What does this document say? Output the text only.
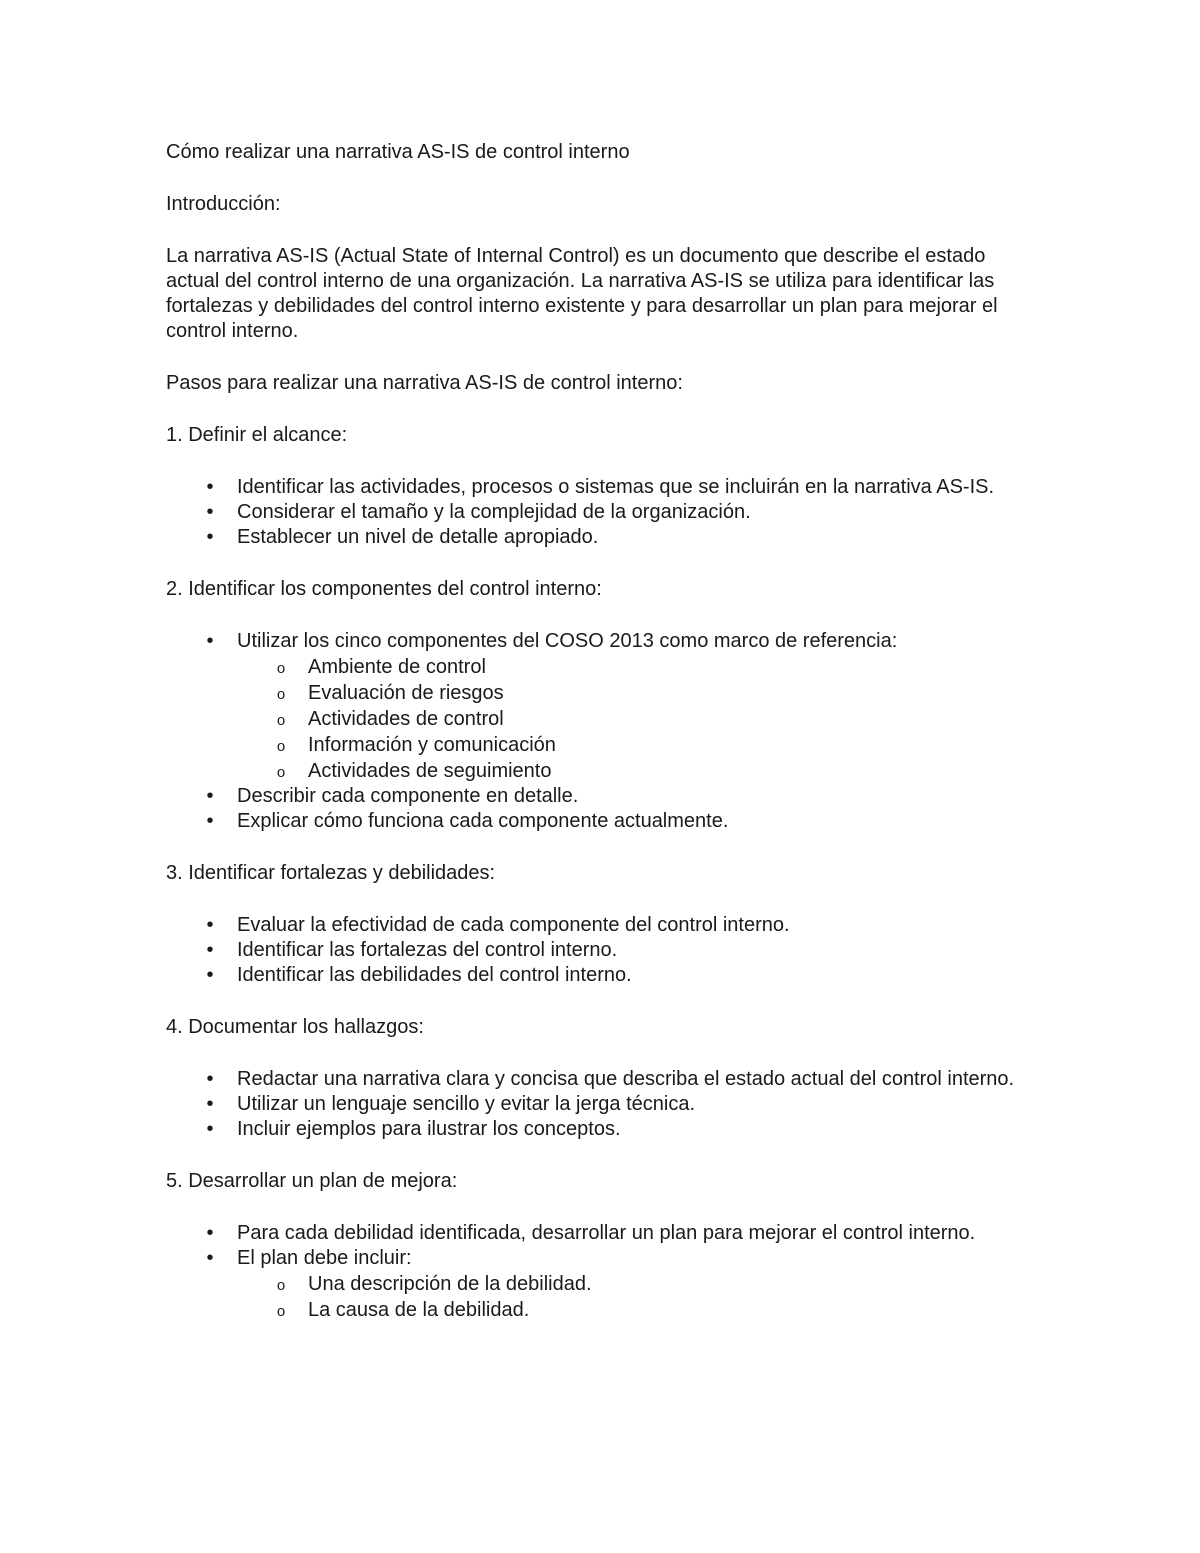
Cómo realizar una narrativa AS-IS de control interno
Introducción:
La narrativa AS-IS (Actual State of Internal Control) es un documento que describe el estado actual del control interno de una organización. La narrativa AS-IS se utiliza para identificar las fortalezas y debilidades del control interno existente y para desarrollar un plan para mejorar el control interno.
Pasos para realizar una narrativa AS-IS de control interno:
1. Definir el alcance:
•	Identificar las actividades, procesos o sistemas que se incluirán en la narrativa AS-IS.
•	Considerar el tamaño y la complejidad de la organización.
•	Establecer un nivel de detalle apropiado.
2. Identificar los componentes del control interno:
•	Utilizar los cinco componentes del COSO 2013 como marco de referencia:
o Ambiente de control
o Evaluación de riesgos
o Actividades de control
o Información y comunicación
o Actividades de seguimiento
•	Describir cada componente en detalle.
•	Explicar cómo funciona cada componente actualmente.
3. Identificar fortalezas y debilidades:
•	Evaluar la efectividad de cada componente del control interno.
•	Identificar las fortalezas del control interno.
•	Identificar las debilidades del control interno.
4. Documentar los hallazgos:
•	Redactar una narrativa clara y concisa que describa el estado actual del control interno.
•	Utilizar un lenguaje sencillo y evitar la jerga técnica.
•	Incluir ejemplos para ilustrar los conceptos.
5. Desarrollar un plan de mejora:
•	Para cada debilidad identificada, desarrollar un plan para mejorar el control interno.
•	El plan debe incluir:
o Una descripción de la debilidad.
o La causa de la debilidad.
